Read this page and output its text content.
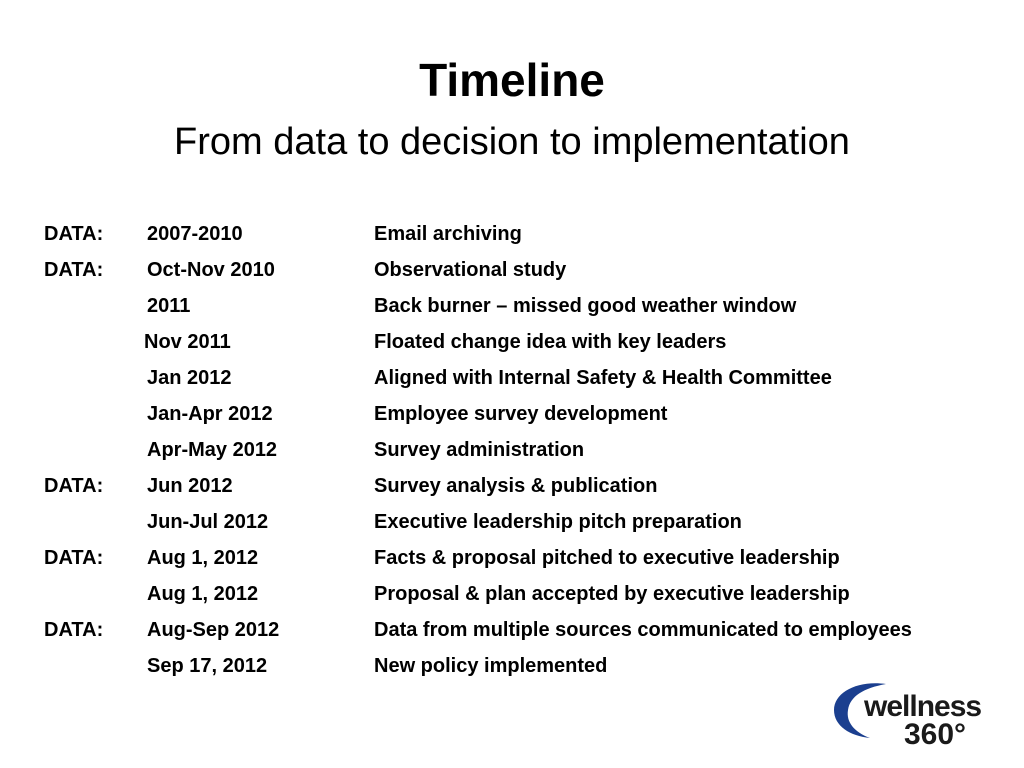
Timeline
From data to decision to implementation
DATA: 2007-2010	Email archiving
DATA: Oct-Nov 2010	Observational study
2011	Back burner – missed good weather window
Nov 2011	Floated change idea with key leaders
Jan 2012	Aligned with Internal Safety & Health Committee
Jan-Apr 2012	Employee survey development
Apr-May 2012	Survey administration
DATA: Jun 2012	Survey analysis & publication
Jun-Jul 2012	Executive leadership pitch preparation
DATA: Aug 1, 2012	Facts & proposal pitched to executive leadership
Aug 1, 2012	Proposal & plan accepted by executive leadership
DATA: Aug-Sep 2012	Data from multiple sources communicated to employees
Sep 17, 2012	New policy implemented
wellness
360°
